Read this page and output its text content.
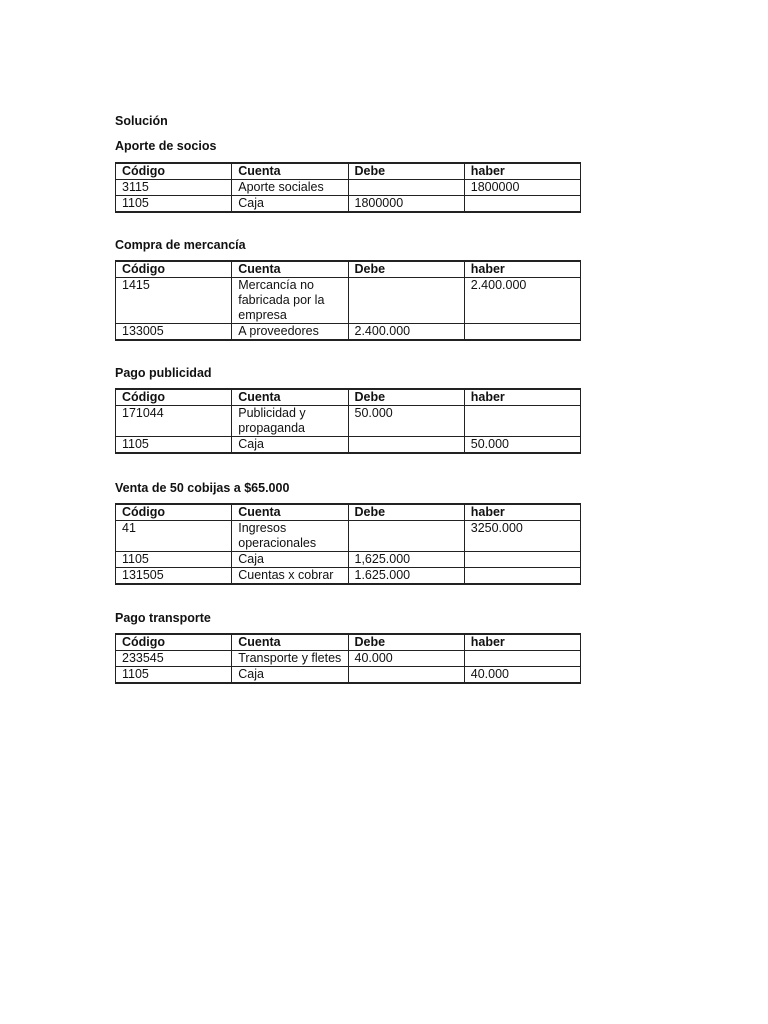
Solución
Aporte de socios
Código	Cuenta	Debe	haber
3115	Aporte sociales		1800000
1105	Caja	1800000	
Compra de mercancía
Código	Cuenta	Debe	haber
1415	Mercancía no fabricada por la empresa		2.400.000
133005	A proveedores	2.400.000	
Pago publicidad
Código	Cuenta	Debe	haber
171044	Publicidad y propaganda	50.000	
1105	Caja		50.000
Venta de 50 cobijas a $65.000
Código	Cuenta	Debe	haber
41	Ingresos operacionales		3250.000
1105	Caja	1,625.000	
131505	Cuentas x cobrar	1.625.000	
Pago transporte
Código	Cuenta	Debe	haber
233545	Transporte y fletes	40.000	
1105	Caja		40.000
